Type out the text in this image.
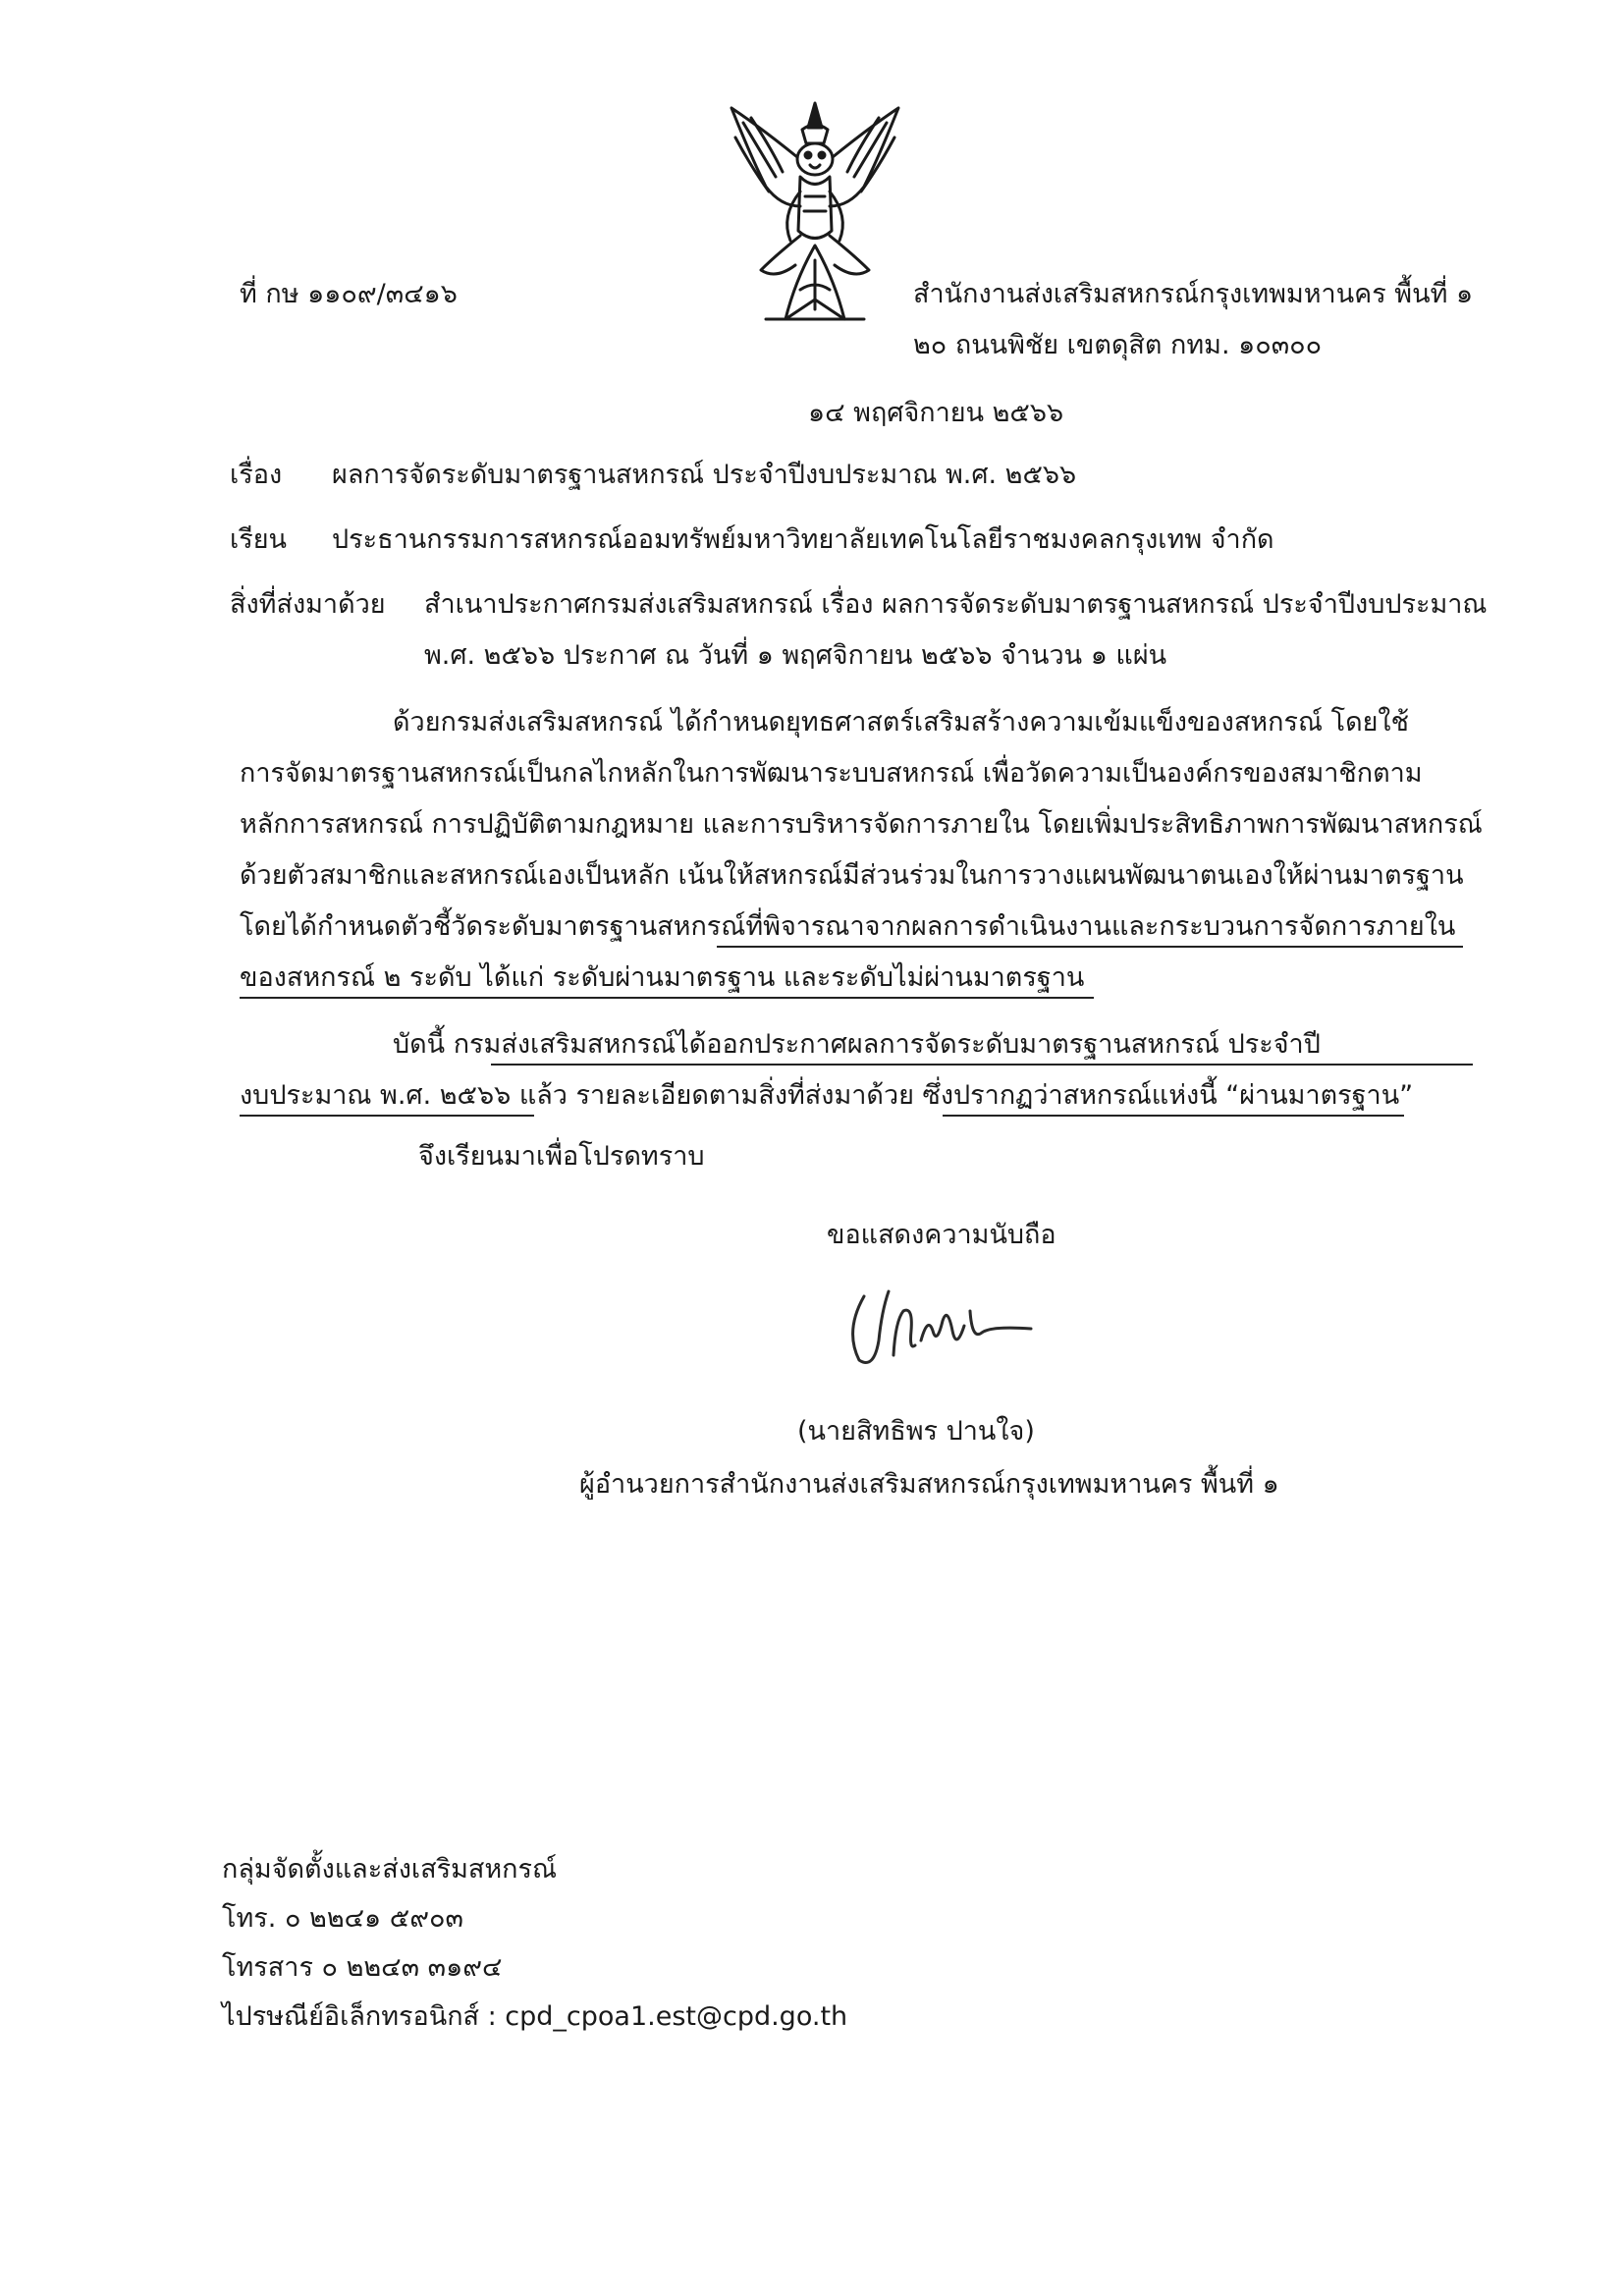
ที่ กษ ๑๑๐๙/๓๔๑๖	สำนักงานส่งเสริมสหกรณ์กรุงเทพมหานคร พื้นที่ ๑
๒๐ ถนนพิชัย เขตดุสิต กทม. ๑๐๓๐๐
๑๔ พฤศจิกายน ๒๕๖๖
เรื่อง ผลการจัดระดับมาตรฐานสหกรณ์ ประจำปีงบประมาณ พ.ศ. ๒๕๖๖
เรียน ประธานกรรมการสหกรณ์ออมทรัพย์มหาวิทยาลัยเทคโนโลยีราชมงคลกรุงเทพ จำกัด
สิ่งที่ส่งมาด้วย สำเนาประกาศกรมส่งเสริมสหกรณ์ เรื่อง ผลการจัดระดับมาตรฐานสหกรณ์ ประจำปีงบประมาณ
พ.ศ. ๒๕๖๖ ประกาศ ณ วันที่ ๑ พฤศจิกายน ๒๕๖๖ จำนวน ๑ แผ่น
ด้วยกรมส่งเสริมสหกรณ์ ได้กำหนดยุทธศาสตร์เสริมสร้างความเข้มแข็งของสหกรณ์ โดยใช้
การจัดมาตรฐานสหกรณ์เป็นกลไกหลักในการพัฒนาระบบสหกรณ์ เพื่อวัดความเป็นองค์กรของสมาชิกตาม
หลักการสหกรณ์ การปฏิบัติตามกฎหมาย และการบริหารจัดการภายใน โดยเพิ่มประสิทธิภาพการพัฒนาสหกรณ์
ด้วยตัวสมาชิกและสหกรณ์เองเป็นหลัก เน้นให้สหกรณ์มีส่วนร่วมในการวางแผนพัฒนาตนเองให้ผ่านมาตรฐาน
โดยได้กำหนดตัวชี้วัดระดับมาตรฐานสหกรณ์ที่พิจารณาจากผลการดำเนินงานและกระบวนการจัดการภายใน
ของสหกรณ์ ๒ ระดับ ได้แก่ ระดับผ่านมาตรฐาน และระดับไม่ผ่านมาตรฐาน
บัดนี้ กรมส่งเสริมสหกรณ์ได้ออกประกาศผลการจัดระดับมาตรฐานสหกรณ์ ประจำปี
งบประมาณ พ.ศ. ๒๕๖๖ แล้ว รายละเอียดตามสิ่งที่ส่งมาด้วย ซึ่งปรากฏว่าสหกรณ์แห่งนี้ “ผ่านมาตรฐาน”
จึงเรียนมาเพื่อโปรดทราบ
ขอแสดงความนับถือ
(นายสิทธิพร ปานใจ)
ผู้อำนวยการสำนักงานส่งเสริมสหกรณ์กรุงเทพมหานคร พื้นที่ ๑
กลุ่มจัดตั้งและส่งเสริมสหกรณ์
โทร. ๐ ๒๒๔๑ ๕๙๐๓
โทรสาร ๐ ๒๒๔๓ ๓๑๙๔
ไปรษณีย์อิเล็กทรอนิกส์ : cpd_cpoa1.est@cpd.go.th
